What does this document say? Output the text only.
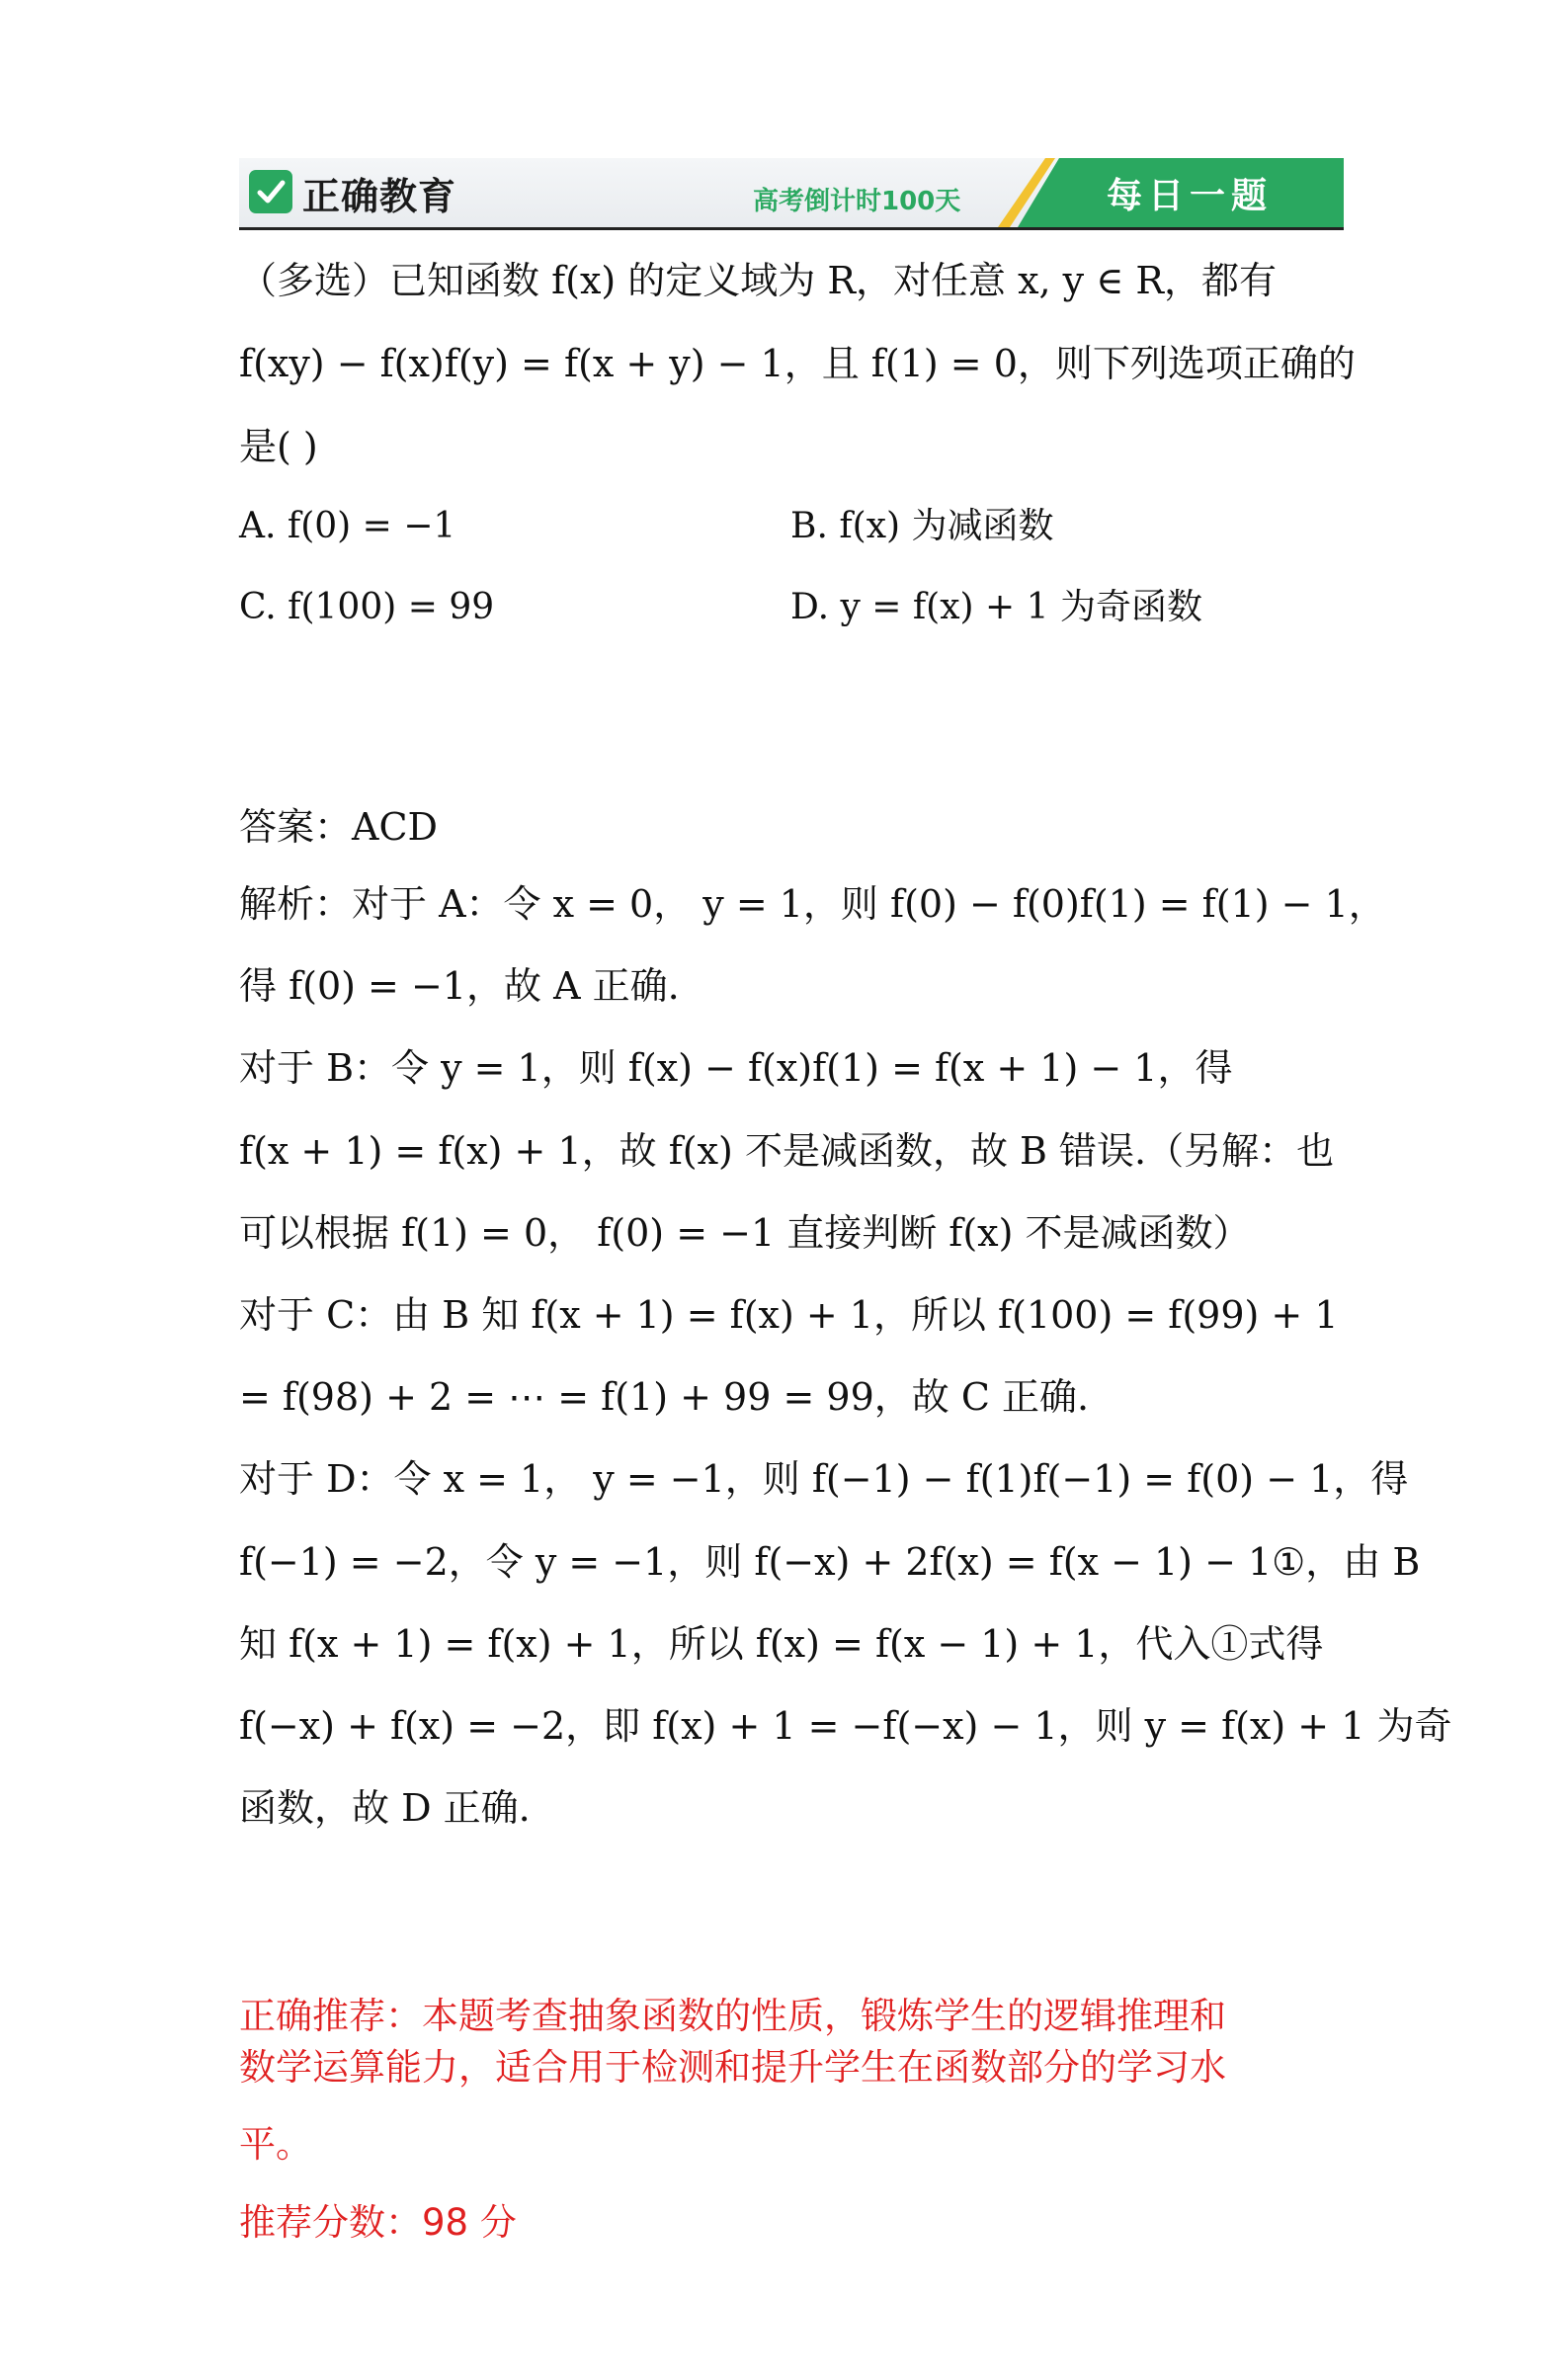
正确教育	高考倒计时100天	每日一题
（多选）已知函数 f(x) 的定义域为 R，对任意 x, y ∈ R，都有
f(xy) − f(x)f(y) = f(x + y) − 1，且 f(1) = 0，则下列选项正确的
是( )
A. f(0) = −1	B. f(x) 为减函数
C. f(100) = 99	D. y = f(x) + 1 为奇函数
答案：ACD
解析：对于 A：令 x = 0， y = 1，则 f(0) − f(0)f(1) = f(1) − 1，
得 f(0) = −1，故 A 正确.
对于 B：令 y = 1，则 f(x) − f(x)f(1) = f(x + 1) − 1，得
f(x + 1) = f(x) + 1，故 f(x) 不是减函数，故 B 错误.（另解：也
可以根据 f(1) = 0， f(0) = −1 直接判断 f(x) 不是减函数）
对于 C：由 B 知 f(x + 1) = f(x) + 1，所以 f(100) = f(99) + 1
= f(98) + 2 = ⋯ = f(1) + 99 = 99，故 C 正确.
对于 D：令 x = 1， y = −1，则 f(−1) − f(1)f(−1) = f(0) − 1，得
f(−1) = −2，令 y = −1，则 f(−x) + 2f(x) = f(x − 1) − 1①，由 B
知 f(x + 1) = f(x) + 1，所以 f(x) = f(x − 1) + 1，代入①式得
f(−x) + f(x) = −2，即 f(x) + 1 = −f(−x) − 1，则 y = f(x) + 1 为奇
函数，故 D 正确.
正确推荐：本题考查抽象函数的性质，锻炼学生的逻辑推理和
数学运算能力，适合用于检测和提升学生在函数部分的学习水
平。
推荐分数：98 分
